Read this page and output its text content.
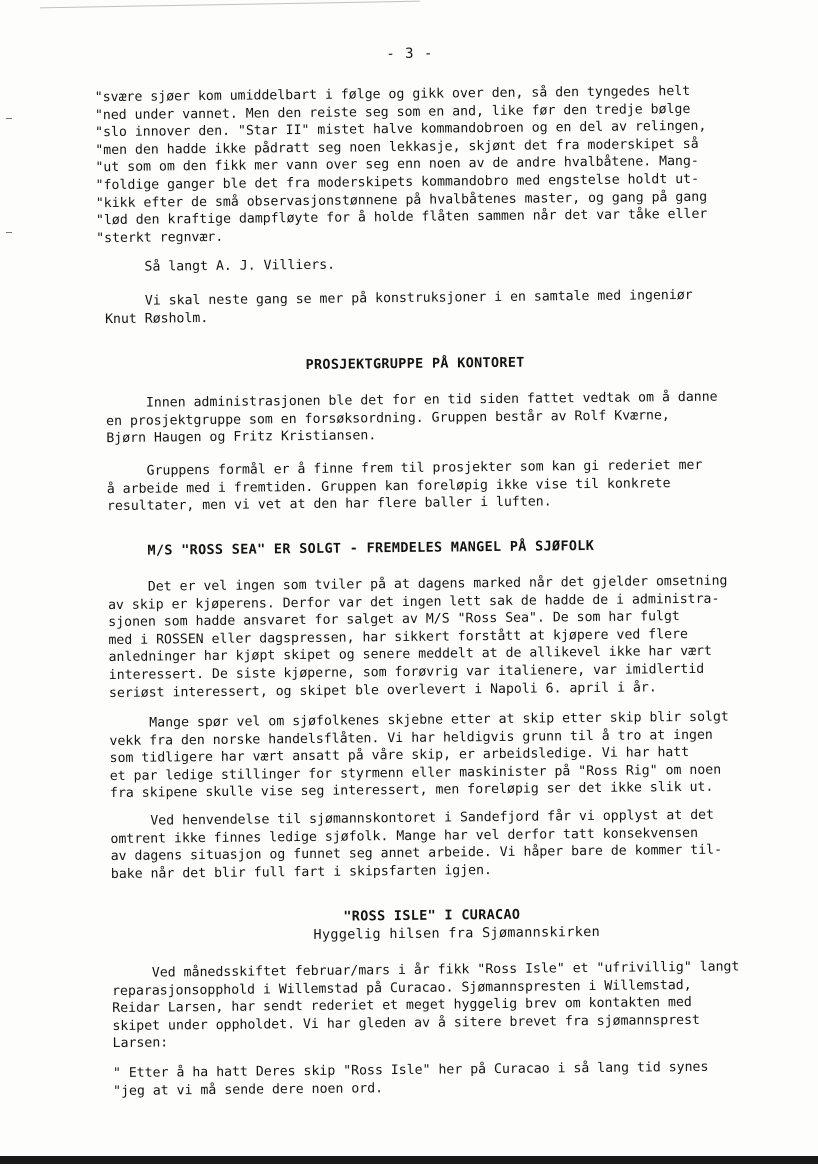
- 3 -
"svære sjøer kom umiddelbart i følge og gikk over den, så den tyngedes helt
"ned under vannet. Men den reiste seg som en and, like før den tredje bølge
"slo innover den. "Star II" mistet halve kommandobroen og en del av relingen,
"men den hadde ikke pådratt seg noen lekkasje, skjønt det fra moderskipet så
"ut som om den fikk mer vann over seg enn noen av de andre hvalbåtene. Mang-
"foldige ganger ble det fra moderskipets kommandobro med engstelse holdt ut-
"kikk efter de små observasjonstønnene på hvalbåtenes master, og gang på gang
"lød den kraftige dampfløyte for å holde flåten sammen når det var tåke eller
"sterkt regnvær.
Så langt A. J. Villiers.
Vi skal neste gang se mer på konstruksjoner i en samtale med ingeniør
Knut Røsholm.
PROSJEKTGRUPPE PÅ KONTORET
Innen administrasjonen ble det for en tid siden fattet vedtak om å danne
en prosjektgruppe som en forsøksordning. Gruppen består av Rolf Kværne,
Bjørn Haugen og Fritz Kristiansen.
Gruppens formål er å finne frem til prosjekter som kan gi rederiet mer
å arbeide med i fremtiden. Gruppen kan foreløpig ikke vise til konkrete
resultater, men vi vet at den har flere baller i luften.
M/S "ROSS SEA" ER SOLGT - FREMDELES MANGEL PÅ SJØFOLK
Det er vel ingen som tviler på at dagens marked når det gjelder omsetning
av skip er kjøperens. Derfor var det ingen lett sak de hadde de i administra-
sjonen som hadde ansvaret for salget av M/S "Ross Sea". De som har fulgt
med i ROSSEN eller dagspressen, har sikkert forstått at kjøpere ved flere
anledninger har kjøpt skipet og senere meddelt at de allikevel ikke har vært
interessert. De siste kjøperne, som forøvrig var italienere, var imidlertid
seriøst interessert, og skipet ble overlevert i Napoli 6. april i år.
Mange spør vel om sjøfolkenes skjebne etter at skip etter skip blir solgt
vekk fra den norske handelsflåten. Vi har heldigvis grunn til å tro at ingen
som tidligere har vært ansatt på våre skip, er arbeidsledige. Vi har hatt
et par ledige stillinger for styrmenn eller maskinister på "Ross Rig" om noen
fra skipene skulle vise seg interessert, men foreløpig ser det ikke slik ut.
Ved henvendelse til sjømannskontoret i Sandefjord får vi opplyst at det
omtrent ikke finnes ledige sjøfolk. Mange har vel derfor tatt konsekvensen
av dagens situasjon og funnet seg annet arbeide. Vi håper bare de kommer til-
bake når det blir full fart i skipsfarten igjen.
"ROSS ISLE" I CURACAO
Hyggelig hilsen fra Sjømannskirken
Ved månedsskiftet februar/mars i år fikk "Ross Isle" et "ufrivillig" langt
reparasjonsopphold i Willemstad på Curacao. Sjømannspresten i Willemstad,
Reidar Larsen, har sendt rederiet et meget hyggelig brev om kontakten med
skipet under oppholdet. Vi har gleden av å sitere brevet fra sjømannsprest
Larsen:
" Etter å ha hatt Deres skip "Ross Isle" her på Curacao i så lang tid synes
"jeg at vi må sende dere noen ord.
